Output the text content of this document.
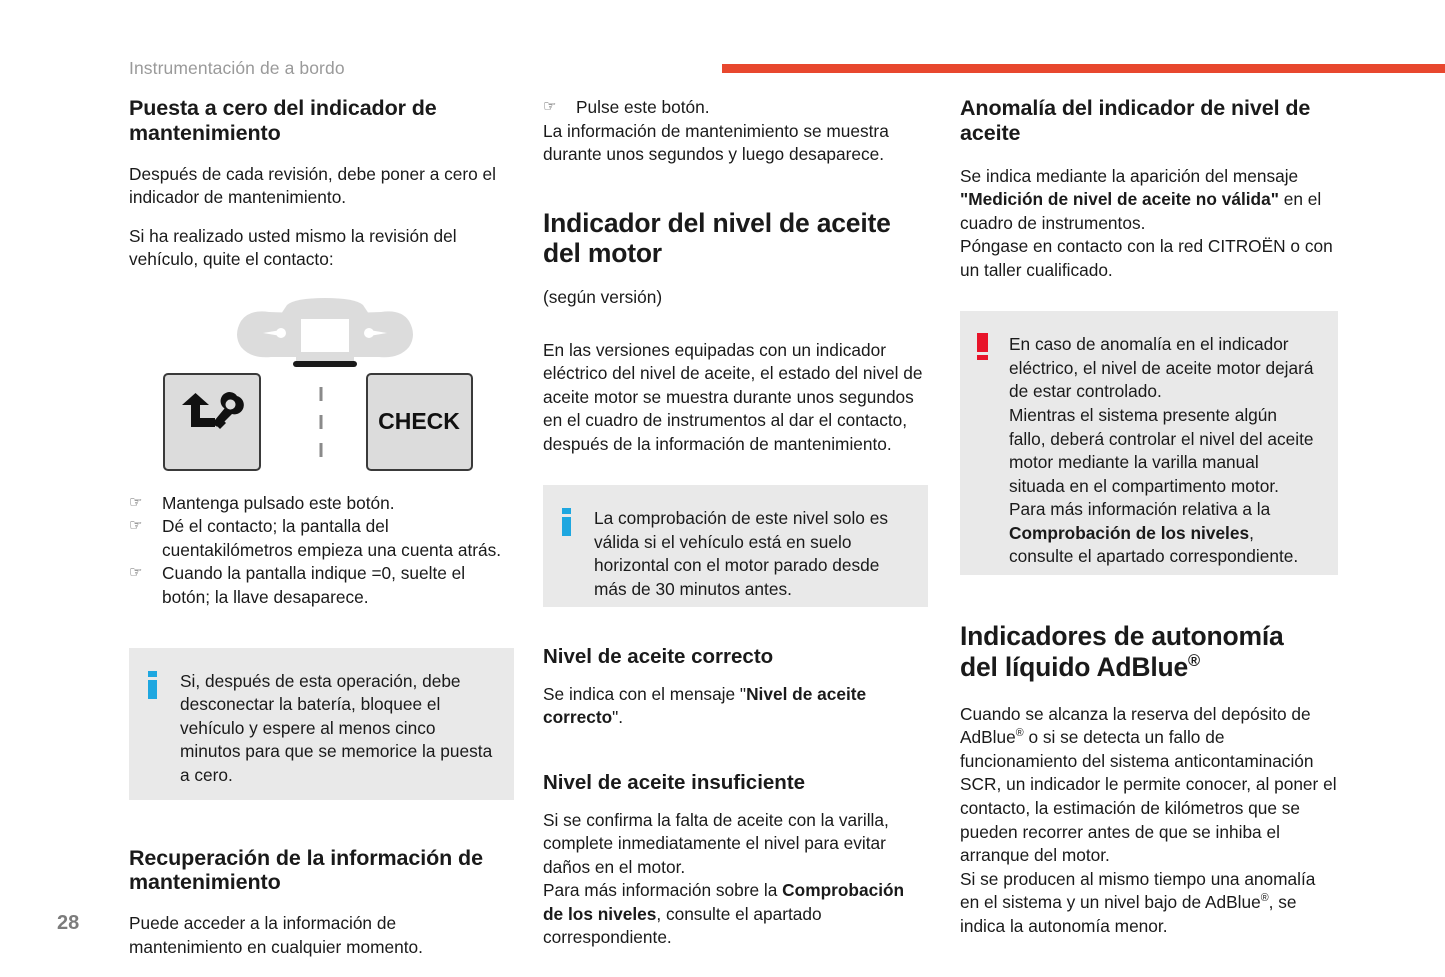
Instrumentación de a bordo
Puesta a cero del indicador de mantenimiento

Después de cada revisión, debe poner a cero el indicador de mantenimiento.

Si ha realizado usted mismo la revisión del vehículo, quite el contacto:

CHECK
☞ Mantenga pulsado este botón.
☞ Dé el contacto; la pantalla del cuentakilómetros empieza una cuenta atrás.
☞ Cuando la pantalla indique =0, suelte el botón; la llave desaparece.
Si, después de esta operación, debe desconectar la batería, bloquee el vehículo y espere al menos cinco minutos para que se memorice la puesta a cero.
Recuperación de la información de mantenimiento

Puede acceder a la información de mantenimiento en cualquier momento.

☞ Pulse este botón.

La información de mantenimiento se muestra durante unos segundos y luego desaparece.

Indicador del nivel de aceite del motor

(según versión)

En las versiones equipadas con un indicador eléctrico del nivel de aceite, el estado del nivel de aceite motor se muestra durante unos segundos en el cuadro de instrumentos al dar el contacto, después de la información de mantenimiento.

La comprobación de este nivel solo es válida si el vehículo está en suelo horizontal con el motor parado desde más de 30 minutos antes.
Nivel de aceite correcto

Se indica con el mensaje "Nivel de aceite correcto".

Nivel de aceite insuficiente

Si se confirma la falta de aceite con la varilla, complete inmediatamente el nivel para evitar daños en el motor.

Para más información sobre la Comprobación de los niveles, consulte el apartado correspondiente.

Anomalía del indicador de nivel de aceite

Se indica mediante la aparición del mensaje "Medición de nivel de aceite no válida" en el cuadro de instrumentos.

Póngase en contacto con la red CITROËN o con un taller cualificado.

En caso de anomalía en el indicador eléctrico, el nivel de aceite motor dejará de estar controlado.
Mientras el sistema presente algún fallo, deberá controlar el nivel del aceite motor mediante la varilla manual situada en el compartimento motor.
Para más información relativa a la Comprobación de los niveles, consulte el apartado correspondiente.
Indicadores de autonomía
del líquido AdBlue®

Cuando se alcanza la reserva del depósito de AdBlue® o si se detecta un fallo de funcionamiento del sistema anticontaminación SCR, un indicador le permite conocer, al poner el contacto, la estimación de kilómetros que se pueden recorrer antes de que se inhiba el arranque del motor.

Si se producen al mismo tiempo una anomalía en el sistema y un nivel bajo de AdBlue®, se indica la autonomía menor.

28
